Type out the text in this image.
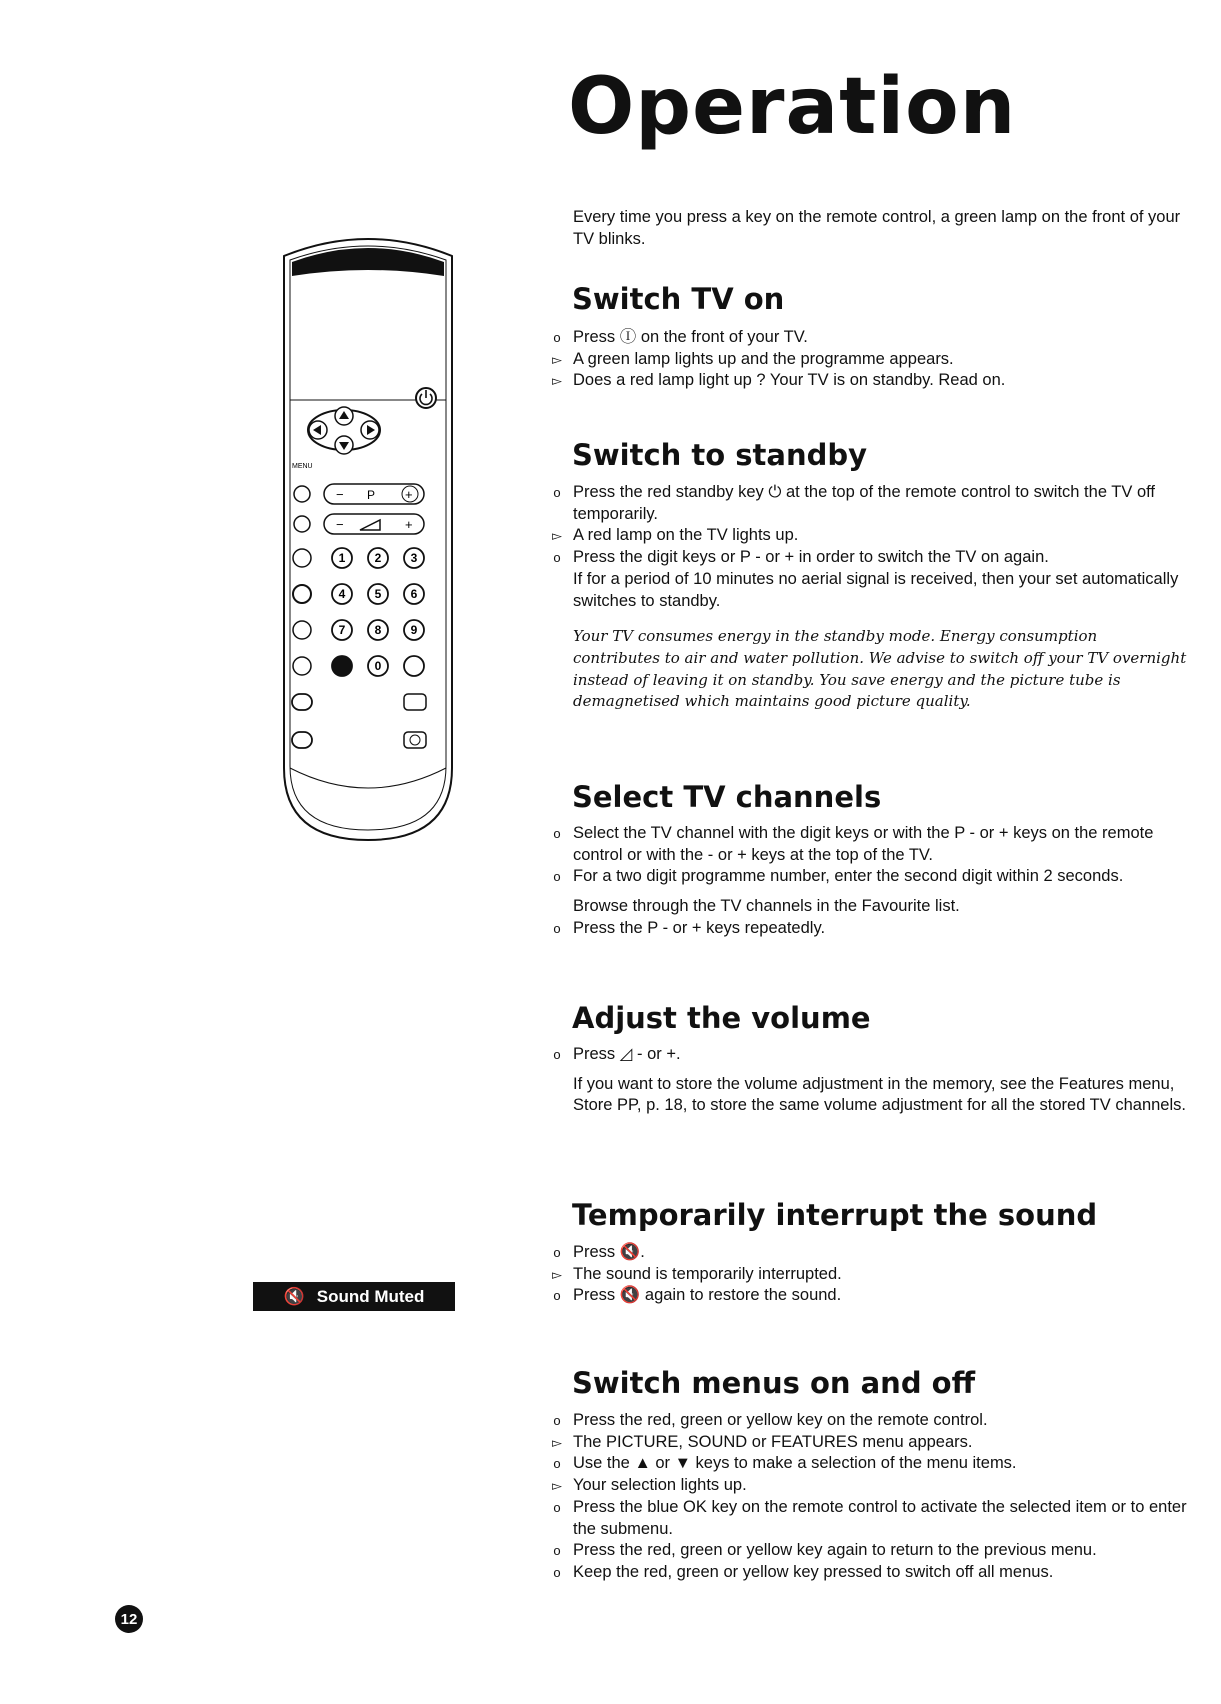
Operation

Every time you press a key on the remote control, a green lamp on the front of your TV blinks.

MENU
− P +
−	+
1 2 3
4 5 6
7 8 9
0
🔇 Sound Muted
Switch TV on
o Press Ⓘ on the front of your TV.
▻ A green lamp lights up and the programme appears.
▻ Does a red lamp light up ? Your TV is on standby. Read on.
Switch to standby
o Press the red standby key ⏻ at the top of the remote control to switch the TV off temporarily.
▻ A red lamp on the TV lights up.
o Press the digit keys or P - or + in order to switch the TV on again.
If for a period of 10 minutes no aerial signal is received, then your set automatically switches to standby.
Your TV consumes energy in the standby mode. Energy consumption contributes to air and water pollution. We advise to switch off your TV overnight instead of leaving it on standby. You save energy and the picture tube is demagnetised which maintains good picture quality.
Select TV channels
o Select the TV channel with the digit keys or with the P - or + keys on the remote control or with the - or + keys at the top of the TV.
o For a two digit programme number, enter the second digit within 2 seconds.
Browse through the TV channels in the Favourite list.
o Press the P - or + keys repeatedly.
Adjust the volume
o Press ◿ - or +.
If you want to store the volume adjustment in the memory, see the Features menu, Store PP, p. 18, to store the same volume adjustment for all the stored TV channels.
Temporarily interrupt the sound
o Press 🔇.
▻ The sound is temporarily interrupted.
o Press 🔇 again to restore the sound.
Switch menus on and off
o Press the red, green or yellow key on the remote control.
▻ The PICTURE, SOUND or FEATURES menu appears.
o Use the ▲ or ▼ keys to make a selection of the menu items.
▻ Your selection lights up.
o Press the blue OK key on the remote control to activate the selected item or to enter the submenu.
o Press the red, green or yellow key again to return to the previous menu.
o Keep the red, green or yellow key pressed to switch off all menus.
12
